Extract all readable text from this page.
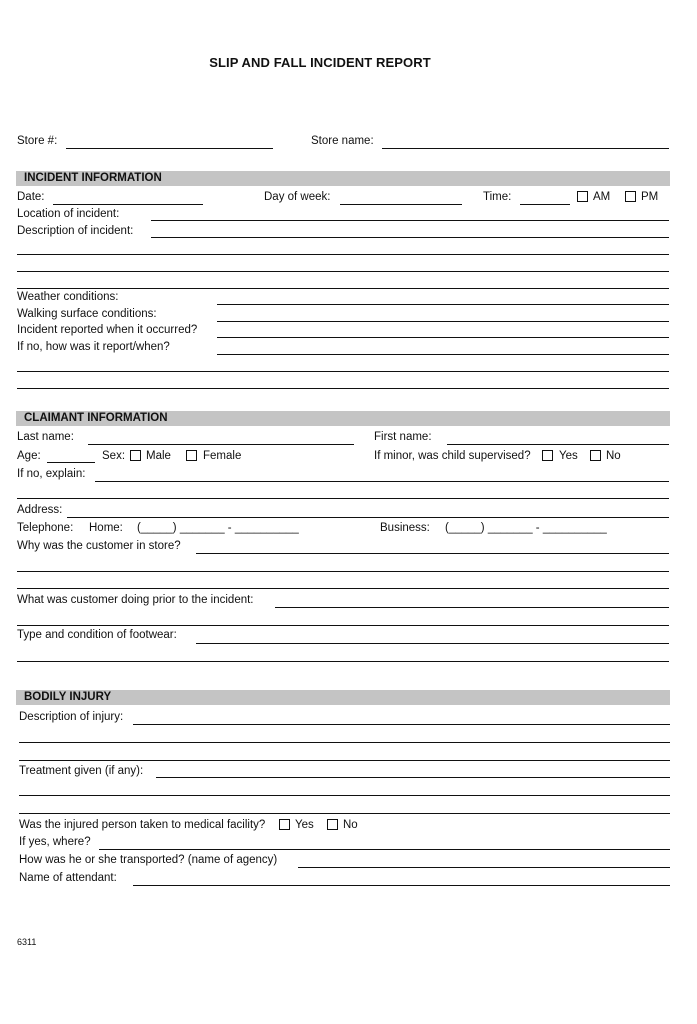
SLIP AND FALL INCIDENT REPORT
Store #:	Store name:
INCIDENT INFORMATION
Date:	Day of week:	Time:	AM	PM
Location of incident:
Description of incident:
Weather conditions:
Walking surface conditions:
Incident reported when it occurred?
If no, how was it report/when?
CLAIMANT INFORMATION
Last name:	First name:
Age:	Sex: Male	Female	If minor, was child supervised? Yes No
If no, explain:
Address:
Telephone: Home: (_____) _______ - __________	Business: (_____) _______ - __________
Why was the customer in store?
What was customer doing prior to the incident:
Type and condition of footwear:
BODILY INJURY
Description of injury:
Treatment given (if any):
Was the injured person taken to medical facility?	Yes	No
If yes, where?
How was he or she transported? (name of agency)
Name of attendant:
6311
